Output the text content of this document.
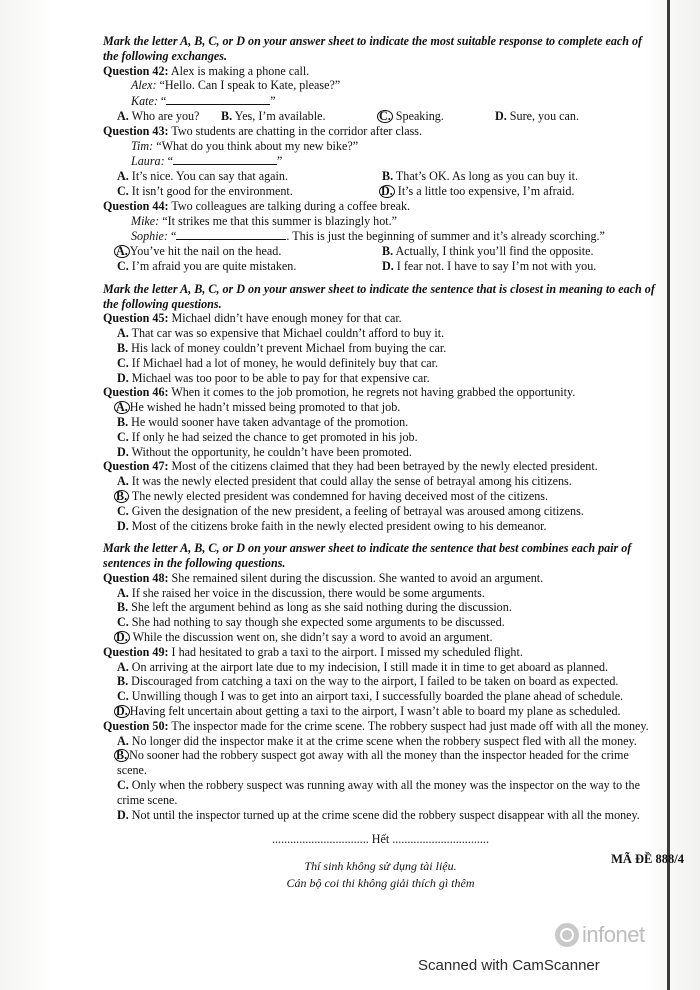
Mark the letter A, B, C, or D on your answer sheet to indicate the most suitable response to complete each of the following exchanges.

Question 42: Alex is making a phone call.

Alex: “Hello. Can I speak to Kate, please?”

Kate: “	”

A. Who are you?	B. Yes, I’m available.	C. Speaking.	D. Sure, you can.

Question 43: Two students are chatting in the corridor after class.

Tim: “What do you think about my new bike?”

Laura: “	”

A. It’s nice. You can say that again.	B. That’s OK. As long as you can buy it.
C. It isn’t good for the environment.	D. It’s a little too expensive, I’m afraid.

Question 44: Two colleagues are talking during a coffee break.

Mike: “It strikes me that this summer is blazingly hot.”

Sophie: “	. This is just the beginning of summer and it’s already scorching.”

A. You’ve hit the nail on the head.	B. Actually, I think you’ll find the opposite.
C. I’m afraid you are quite mistaken.	D. I fear not. I have to say I’m not with you.

Mark the letter A, B, C, or D on your answer sheet to indicate the sentence that is closest in meaning to each of the following questions.

Question 45: Michael didn’t have enough money for that car.

A. That car was so expensive that Michael couldn’t afford to buy it.

B. His lack of money couldn’t prevent Michael from buying the car.

C. If Michael had a lot of money, he would definitely buy that car.

D. Michael was too poor to be able to pay for that expensive car.

Question 46: When it comes to the job promotion, he regrets not having grabbed the opportunity.

A. He wished he hadn’t missed being promoted to that job.

B. He would sooner have taken advantage of the promotion.

C. If only he had seized the chance to get promoted in his job.

D. Without the opportunity, he couldn’t have been promoted.

Question 47: Most of the citizens claimed that they had been betrayed by the newly elected president.

A. It was the newly elected president that could allay the sense of betrayal among his citizens.

B. The newly elected president was condemned for having deceived most of the citizens.

C. Given the designation of the new president, a feeling of betrayal was aroused among citizens.

D. Most of the citizens broke faith in the newly elected president owing to his demeanor.

Mark the letter A, B, C, or D on your answer sheet to indicate the sentence that best combines each pair of sentences in the following questions.

Question 48: She remained silent during the discussion. She wanted to avoid an argument.

A. If she raised her voice in the discussion, there would be some arguments.

B. She left the argument behind as long as she said nothing during the discussion.

C. She had nothing to say though she expected some arguments to be discussed.

D. While the discussion went on, she didn’t say a word to avoid an argument.

Question 49: I had hesitated to grab a taxi to the airport. I missed my scheduled flight.

A. On arriving at the airport late due to my indecision, I still made it in time to get aboard as planned.

B. Discouraged from catching a taxi on the way to the airport, I failed to be taken on board as expected.

C. Unwilling though I was to get into an airport taxi, I successfully boarded the plane ahead of schedule.

D. Having felt uncertain about getting a taxi to the airport, I wasn’t able to board my plane as scheduled.

Question 50: The inspector made for the crime scene. The robbery suspect had just made off with all the money.

A. No longer did the inspector make it at the crime scene when the robbery suspect fled with all the money.

B. No sooner had the robbery suspect got away with all the money than the inspector headed for the crime scene.

C. Only when the robbery suspect was running away with all the money was the inspector on the way to the crime scene.

D. Not until the inspector turned up at the crime scene did the robbery suspect disappear with all the money.

................................ Hết ................................

Thí sinh không sử dụng tài liệu.

Cán bộ coi thi không giải thích gì thêm

MÃ ĐỀ 888/4
infonet
Scanned with CamScanner
